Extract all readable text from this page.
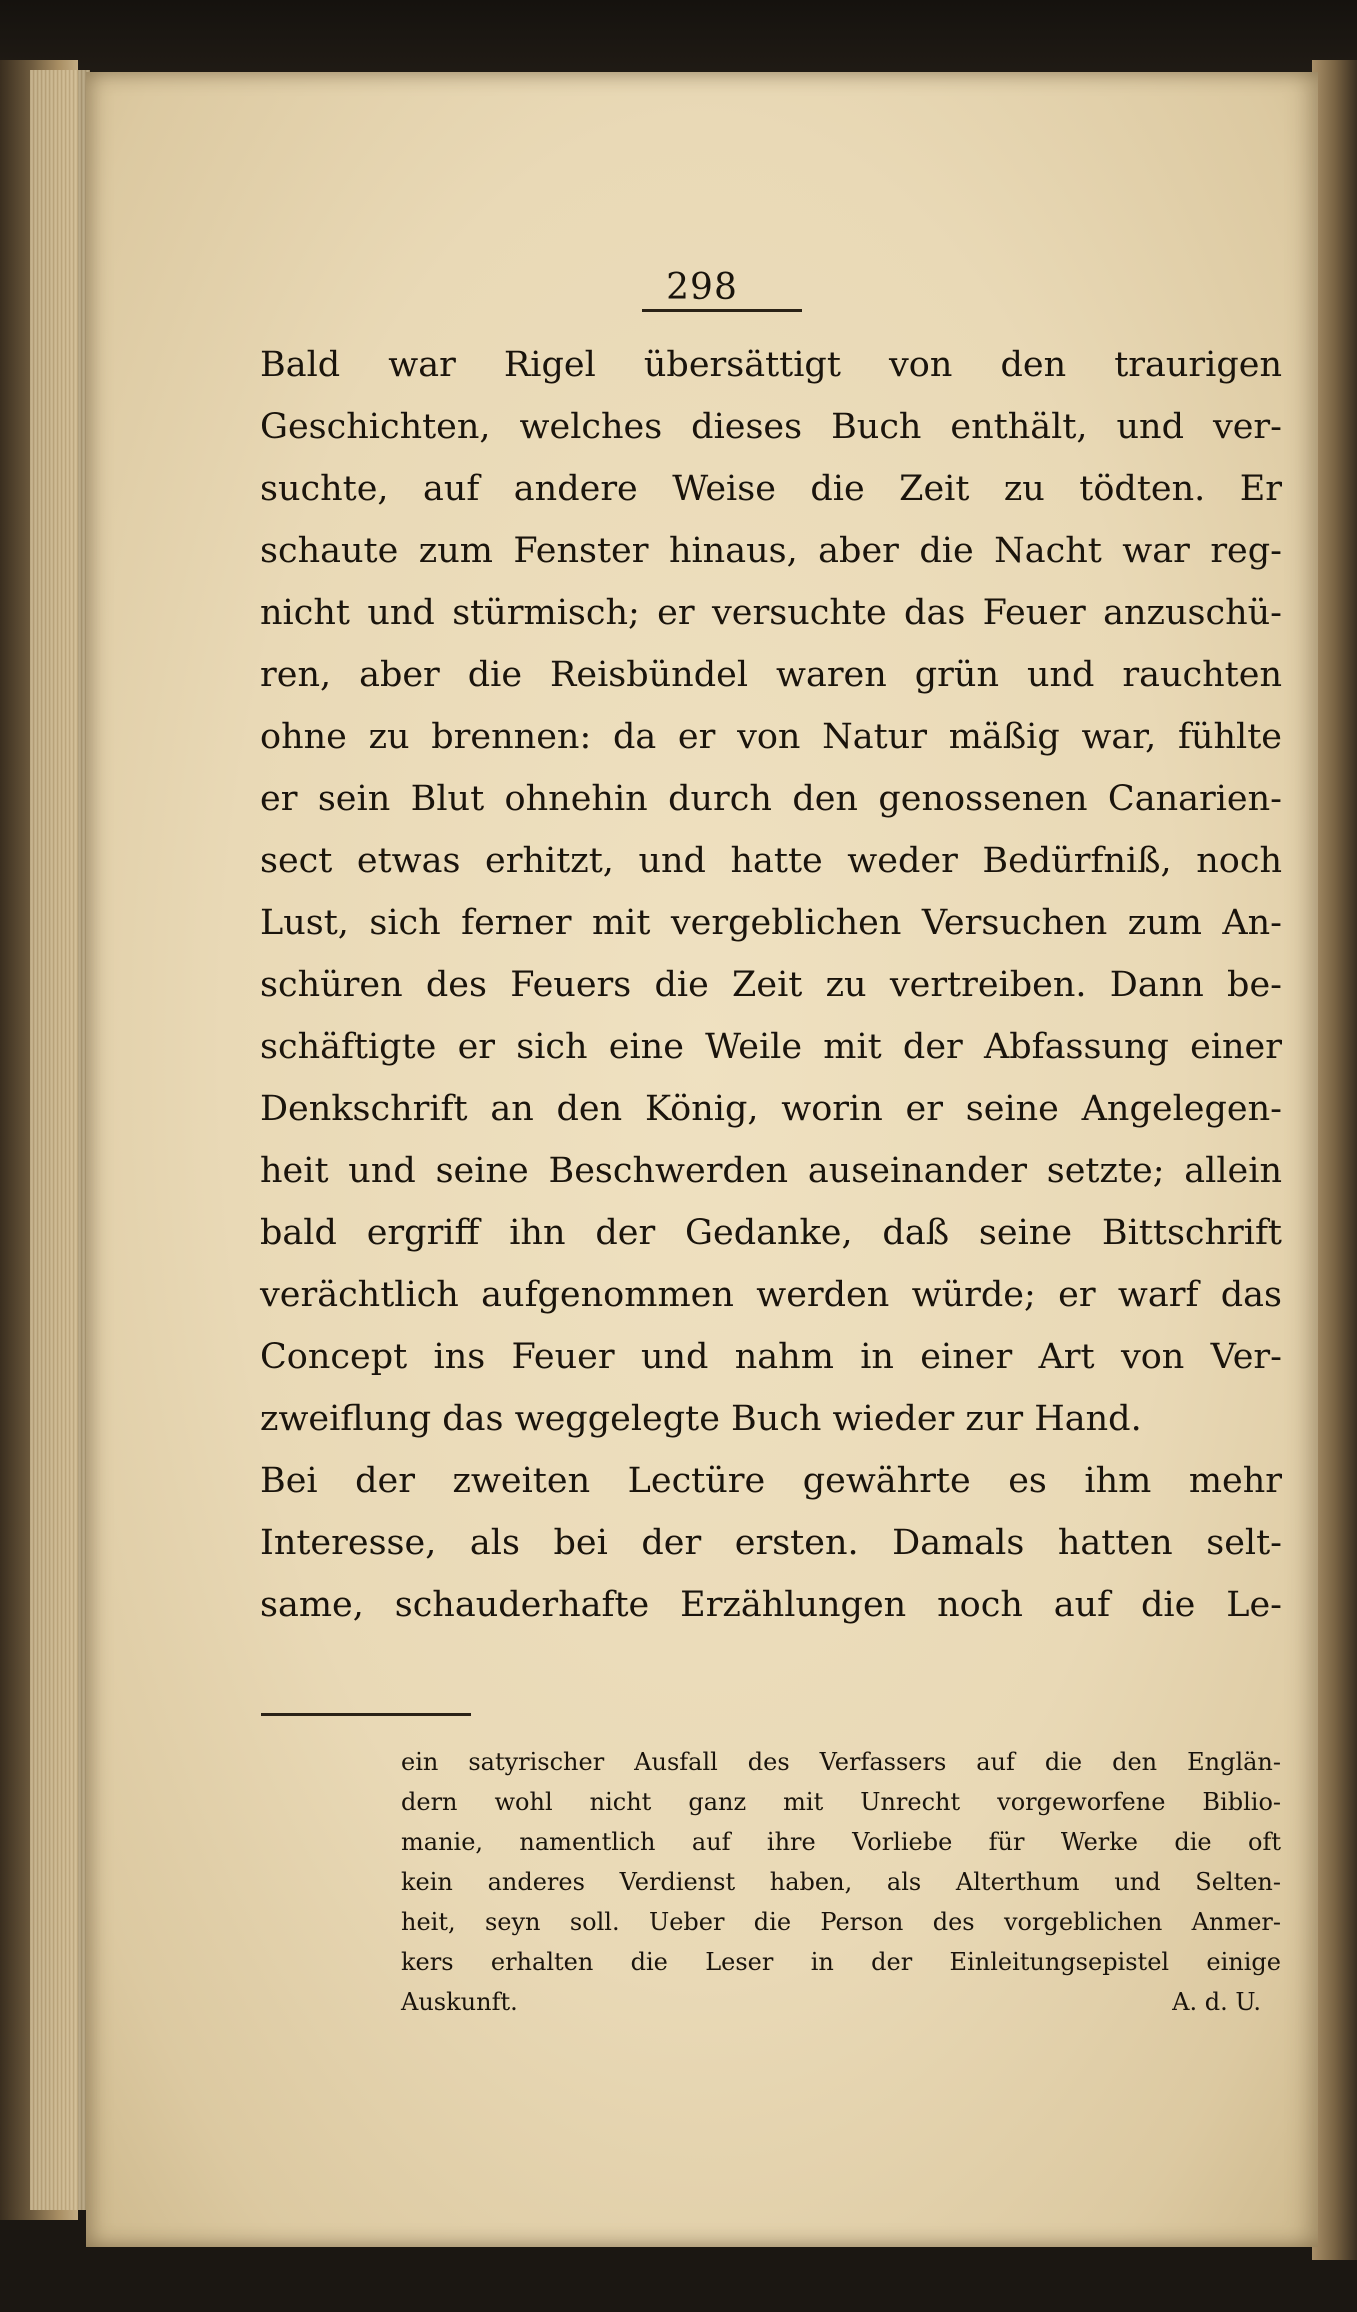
298
Bald war Rigel übersättigt von den traurigen
Geschichten, welches dieses Buch enthält, und ver-
suchte, auf andere Weise die Zeit zu tödten. Er
schaute zum Fenster hinaus, aber die Nacht war reg-
nicht und stürmisch; er versuchte das Feuer anzuschü-
ren, aber die Reisbündel waren grün und rauchten
ohne zu brennen: da er von Natur mäßig war, fühlte
er sein Blut ohnehin durch den genossenen Canarien-
sect etwas erhitzt, und hatte weder Bedürfniß, noch
Lust, sich ferner mit vergeblichen Versuchen zum An-
schüren des Feuers die Zeit zu vertreiben. Dann be-
schäftigte er sich eine Weile mit der Abfassung einer
Denkschrift an den König, worin er seine Angelegen-
heit und seine Beschwerden auseinander setzte; allein
bald ergriff ihn der Gedanke, daß seine Bittschrift
verächtlich aufgenommen werden würde; er warf das
Concept ins Feuer und nahm in einer Art von Ver-
zweiflung das weggelegte Buch wieder zur Hand.
Bei der zweiten Lectüre gewährte es ihm mehr
Interesse, als bei der ersten. Damals hatten selt-
same, schauderhafte Erzählungen noch auf die Le-
ein satyrischer Ausfall des Verfassers auf die den Englän-
dern wohl nicht ganz mit Unrecht vorgeworfene Biblio-
manie, namentlich auf ihre Vorliebe für Werke die oft
kein anderes Verdienst haben, als Alterthum und Selten-
heit, seyn soll. Ueber die Person des vorgeblichen Anmer-
kers erhalten die Leser in der Einleitungsepistel einige
Auskunft.	A. d. U.
